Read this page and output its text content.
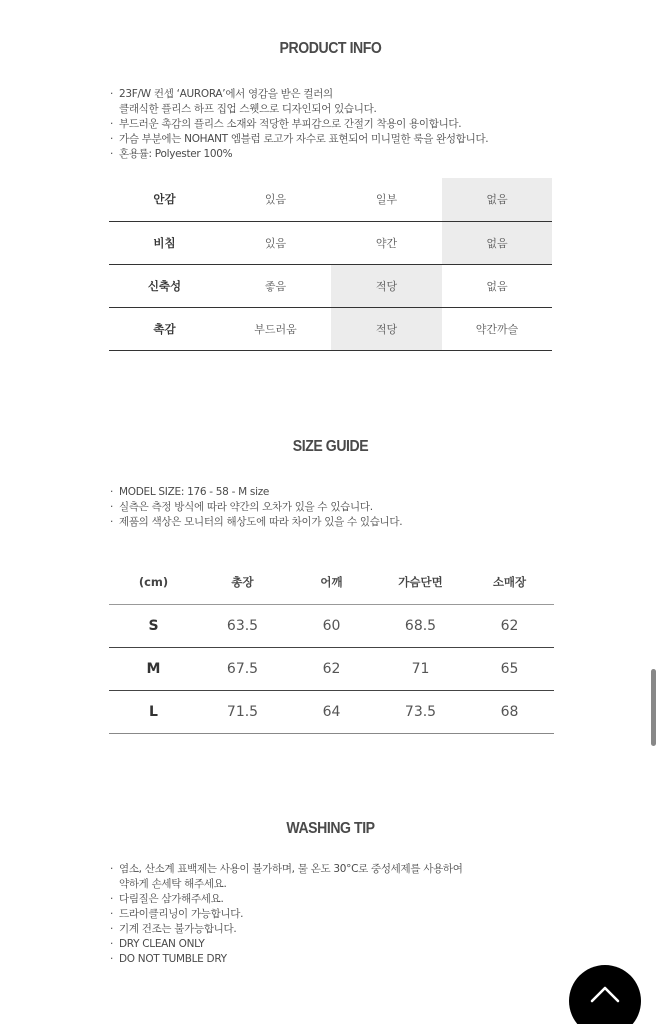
PRODUCT INFO
· 23F/W 컨셉 ‘AURORA’에서 영감을 받은 컬러의
클래식한 플리스 하프 집업 스웻으로 디자인되어 있습니다.
· 부드러운 촉감의 플리스 소재와 적당한 부피감으로 간절기 착용이 용이합니다.
· 가슴 부분에는 NOHANT 엠블럼 로고가 자수로 표현되어 미니멀한 룩을 완성합니다.
· 혼용률: Polyester 100%
안감	있음	일부	없음
비침	있음	약간	없음
신축성	좋음	적당	없음
촉감	부드러움	적당	약간까슬
SIZE GUIDE
· MODEL SIZE: 176 - 58 - M size
· 실측은 측정 방식에 따라 약간의 오차가 있을 수 있습니다.
· 제품의 색상은 모니터의 해상도에 따라 차이가 있을 수 있습니다.
(cm)	총장	어깨	가슴단면	소매장
S	63.5	60	68.5	62
M	67.5	62	71	65
L	71.5	64	73.5	68
WASHING TIP
· 염소, 산소계 표백제는 사용이 불가하며, 물 온도 30°C로 중성세제를 사용하여
약하게 손세탁 해주세요.
· 다림질은 삼가해주세요.
· 드라이클리닝이 가능합니다.
· 기계 건조는 불가능합니다.
· DRY CLEAN ONLY
· DO NOT TUMBLE DRY
